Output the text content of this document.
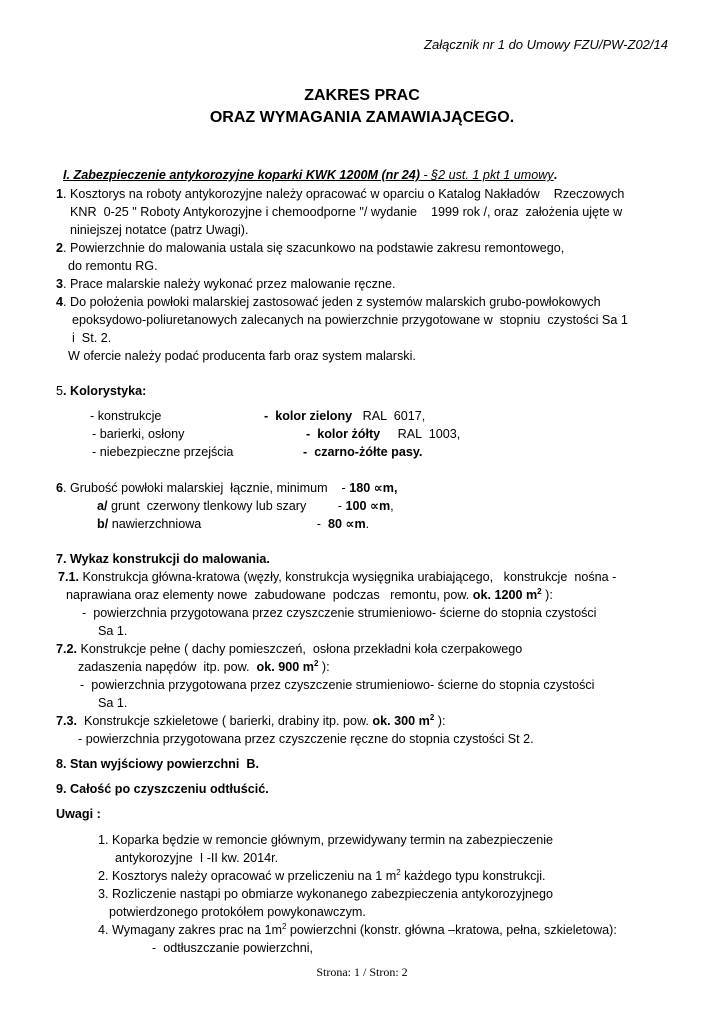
Załącznik nr 1 do Umowy FZU/PW-Z02/14
ZAKRES PRAC
ORAZ WYMAGANIA ZAMAWIAJĄCEGO.

I. Zabezpieczenie antykorozyjne koparki KWK 1200M (nr 24) - §2 ust. 1 pkt 1 umowy.

1. Kosztorys na roboty antykorozyjne należy opracować w oparciu o Katalog Nakładów    Rzeczowych
KNR  0-25 " Roboty Antykorozyjne i chemoodporne "/ wydanie    1999 rok /, oraz  założenia ujęte w
niniejszej notatce (patrz Uwagi).
2. Powierzchnie do malowania ustala się szacunkowo na podstawie zakresu remontowego,
do remontu RG.
3. Prace malarskie należy wykonać przez malowanie ręczne.
4. Do położenia powłoki malarskiej zastosować jeden z systemów malarskich grubo-powłokowych
epoksydowo-poliuretanowych zalecanych na powierzchnie przygotowane w  stopniu  czystości Sa 1
i  St. 2.
W ofercie należy podać producenta farb oraz system malarski.
5. Kolorystyka:
- konstrukcje	-  kolor zielony   RAL  6017,
- barierki, osłony	-  kolor żółty     RAL  1003,
- niebezpieczne przejścia	-  czarno-żółte pasy.
6. Grubość powłoki malarskiej  łącznie, minimum    - 180 ∝m,
a/ grunt  czerwony tlenkowy lub szary         - 100 ∝m,
b/ nawierzchniowa                                 -  80 ∝m.
7. Wykaz konstrukcji do malowania.
7.1. Konstrukcja główna-kratowa (węzły, konstrukcja wysięgnika urabiającego,   konstrukcje  nośna -
naprawiana oraz elementy nowe  zabudowane  podczas   remontu, pow. ok. 1200 $m^2$ ):
-  powierzchnia przygotowana przez czyszczenie strumieniowo- ścierne do stopnia czystości
Sa 1.
7.2. Konstrukcje pełne ( dachy pomieszczeń,  osłona przekładni koła czerpakowego
zadaszenia napędów  itp. pow.  ok. 900 $m^2$ ):
-  powierzchnia przygotowana przez czyszczenie strumieniowo- ścierne do stopnia czystości
Sa 1.
7.3.  Konstrukcje szkieletowe ( barierki, drabiny itp. pow. ok. 300 $m^2$ ):
- powierzchnia przygotowana przez czyszczenie ręczne do stopnia czystości St 2.
8. Stan wyjściowy powierzchni  B.
9. Całość po czyszczeniu odtłuścić.
Uwagi :
1. Koparka będzie w remoncie głównym, przewidywany termin na zabezpieczenie
antykorozyjne  I -II kw. 2014r.
2. Kosztorys należy opracować w przeliczeniu na 1 $m^2$ każdego typu konstrukcji.
3. Rozliczenie nastąpi po obmiarze wykonanego zabezpieczenia antykorozyjnego
potwierdzonego protokółem powykonawczym.
4. Wymagany zakres prac na $1m^2$ powierzchni (konstr. główna –kratowa, pełna, szkieletowa):
-  odtłuszczanie powierzchni,
Strona: 1 / Stron: 2
